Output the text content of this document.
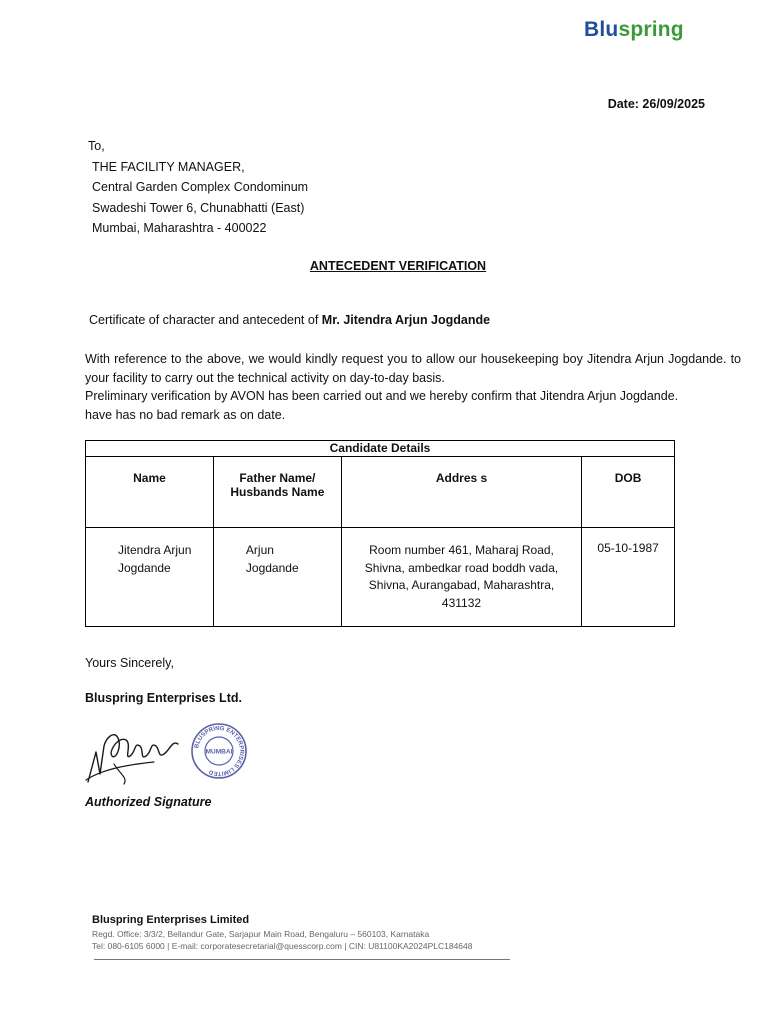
Bluspring
Date: 26/09/2025
To,
THE FACILITY MANAGER,
Central Garden Complex Condominum
Swadeshi Tower 6, Chunabhatti (East)
Mumbai, Maharashtra - 400022
ANTECEDENT VERIFICATION
Certificate of character and antecedent of Mr. Jitendra Arjun Jogdande

With reference to the above, we would kindly request you to allow our housekeeping boy Jitendra Arjun Jogdande. to your facility to carry out the technical activity on day-to-day basis.

Preliminary verification by AVON has been carried out and we hereby confirm that Jitendra Arjun Jogdande.

have has no bad remark as on date.

Candidate Details			
Name	Father Name/ Husbands Name	Addres s	DOB
Jitendra Arjun Jogdande	Arjun Jogdande	Room number 461, Maharaj Road, Shivna, ambedkar road boddh vada, Shivna, Aurangabad, Maharashtra, 431132	05-10-1987
Yours Sincerely,
Bluspring Enterprises Ltd.
BLUSPRING ENTERPRISES LIMITED
MUMBAI
Authorized Signature
Bluspring Enterprises Limited
Regd. Office: 3/3/2, Bellandur Gate, Sarjapur Main Road, Bengaluru – 560103, Karnataka
Tel: 080-6105 6000 | E-mail: corporatesecretarial@quesscorp.com | CIN: U81100KA2024PLC184648
